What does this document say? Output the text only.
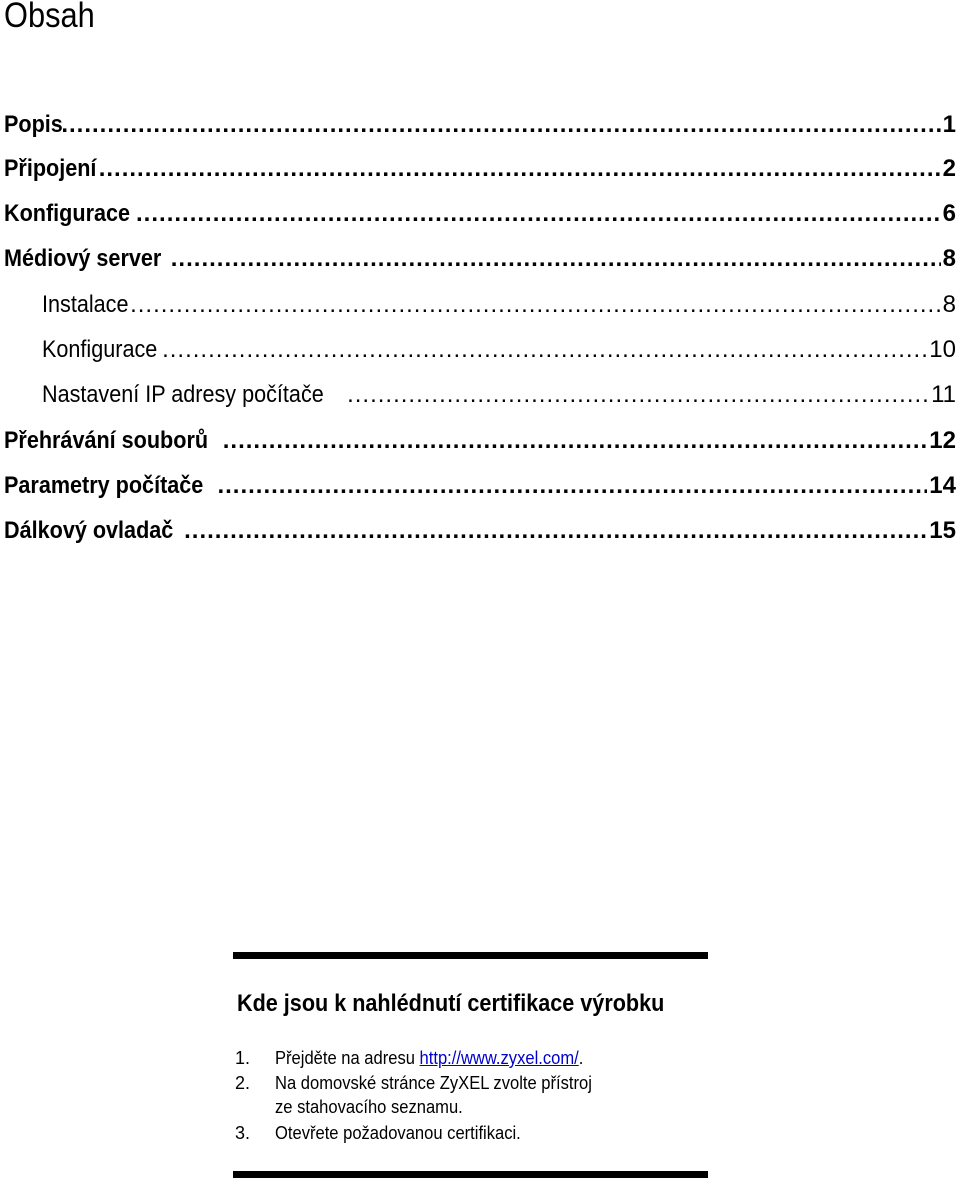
Obsah
Popis .....	1
Připojení .....	2
Konfigurace .....	6
Médiový server .....	8
Instalace .....	8
Konfigurace .....	10
Nastavení IP adresy počítače .....	11
Přehrávání souborů .....	12
Parametry počítače .....	14
Dálkový ovladač .....	15
Kde jsou k nahlédnutí certifikace výrobku
1. Přejděte na adresu http://www.zyxel.com/.
2. Na domovské stránce ZyXEL zvolte přístroj
ze stahovacího seznamu.
3. Otevřete požadovanou certifikaci.
